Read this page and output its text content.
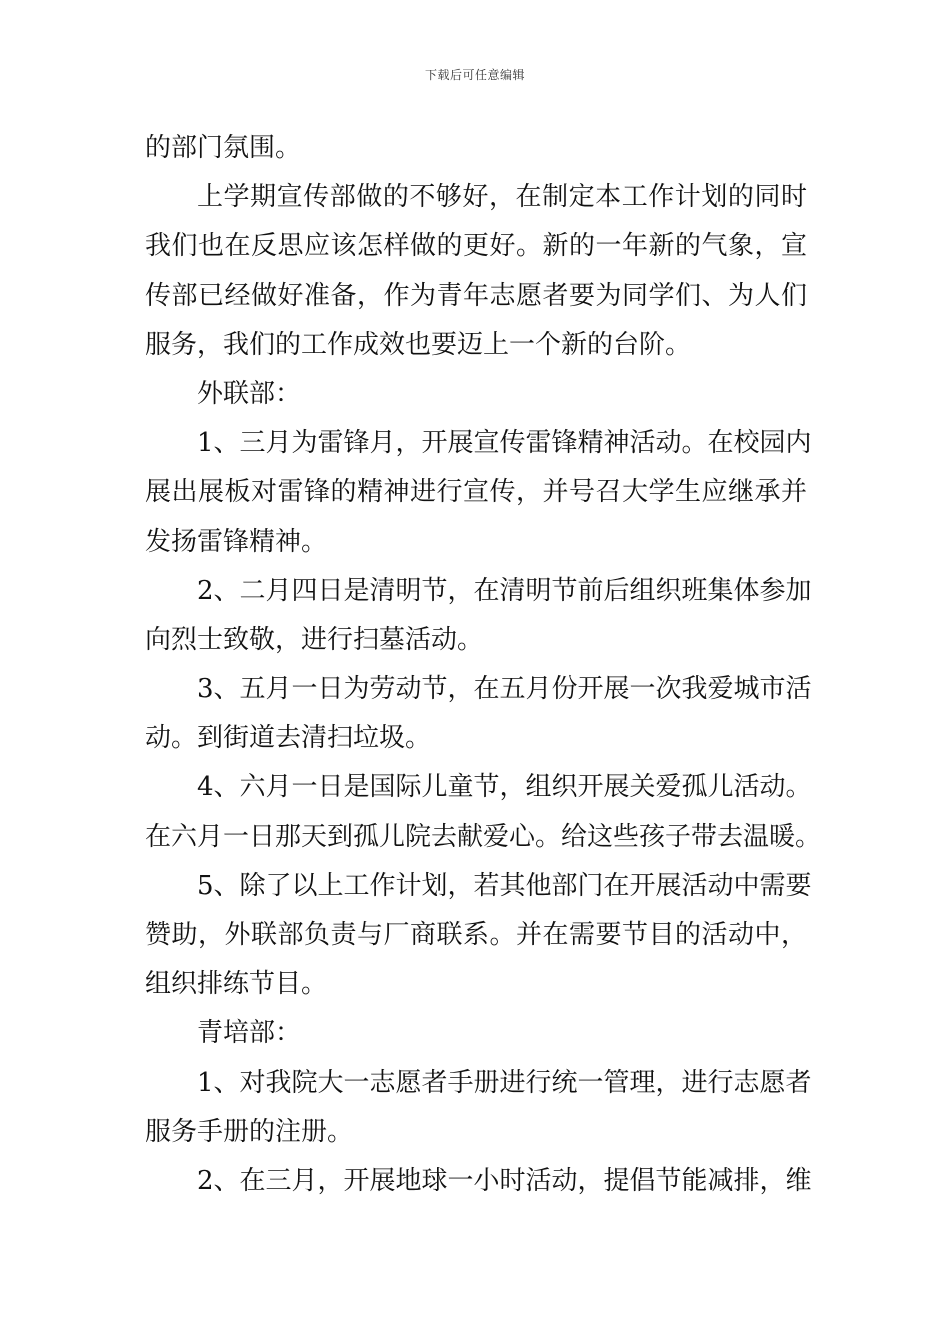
下载后可任意编辑
的部门氛围。
上学期宣传部做的不够好，在制定本工作计划的同时
我们也在反思应该怎样做的更好。新的一年新的气象，宣
传部已经做好准备，作为青年志愿者要为同学们、为人们
服务，我们的工作成效也要迈上一个新的台阶。
外联部：
1、三月为雷锋月，开展宣传雷锋精神活动。在校园内
展出展板对雷锋的精神进行宣传，并号召大学生应继承并
发扬雷锋精神。
2、二月四日是清明节，在清明节前后组织班集体参加
向烈士致敬，进行扫墓活动。
3、五月一日为劳动节，在五月份开展一次我爱城市活
动。到街道去清扫垃圾。
4、六月一日是国际儿童节，组织开展关爱孤儿活动。
在六月一日那天到孤儿院去献爱心。给这些孩子带去温暖。
5、除了以上工作计划，若其他部门在开展活动中需要
赞助，外联部负责与厂商联系。并在需要节目的活动中，
组织排练节目。
青培部：
1、对我院大一志愿者手册进行统一管理，进行志愿者
服务手册的注册。
2、在三月，开展地球一小时活动，提倡节能减排，维
